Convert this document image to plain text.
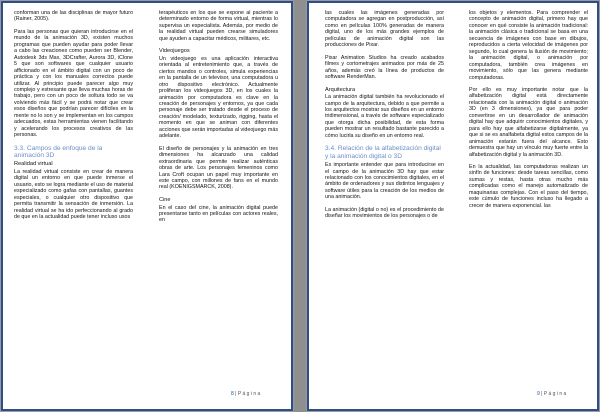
conforman una de las disciplinas de mayor futuro (Rainer, 2005).

Para las personas que quieran introducirse en el mundo de la animación 3D, existen muchos programas que pueden ayudar para poder llevar a cabo las creaciones como pueden ser Blender, Autodesk 3ds Max, 3DCrafter, Aurora 3D, iClone 5 que son softwares que cualquier usuario afficionado en el ámbito digital con un poco de práctica y con los manuales correctos puede utilizar. Al principio puede parecer algo muy complejo y estresante que lleva muchas horas de trabajo, pero con un poco de soltura todo se va volviendo más fácil y se podrá notar que crear esos diseños que podrían parecer difíciles en la mente no lo son y se implementan en los campos adecuados, estas herramientas vienen facilitando y acelerando los procesos creativos de las personas.

3.3. Campos de enfoque de la animación 3D
Realidad virtual

La realidad virtual consiste en crear de manera digital un entorno en que puede inmerse el usuario, esto se logra mediante el uso de material especializado como gafas con pantallas, guantes especiales, o cualquier otro dispositivo que permita transmitir la sensación de inmersión. La realidad virtual se ha ido perfeccionando al grado de que en la actualidad puede tener incluso usos

terapéuticos en los que se expone al paciente a determinado entorno de forma virtual, mientras lo supervisa un especialista. Además, por medio de la realidad virtual pueden crearse simuladores que ayuden a capacitar médicos, militares, etc.

Videojuegos

Un videojuego es una aplicación interactiva orientada al entretenimiento que, a través de ciertos mandos o controles, simula experiencias en la pantalla de un televisor, una computadora u otro dispositivo electrónico. Actualmente proliferan los videojuegos 3D, en los cuales la animación por computadora es clave en la creación de personajes y entornos, ya que cada personaje debe ser tratado desde el proceso de creación/ modelado, texturizado, rigging, hasta el momento en que se animan con diferentes acciones que serán importadas al videojuego más adelante.

El diseño de personajes y la animación en tres dimensiones ha alcanzado una calidad extraordinaria que permite realizar auténticas obras de arte. Los personajes femeninos como Lara Croft ocupan un papel muy importante en este campo, con millones de fans en el mundo real (KOENIGSMARCK, 2008).

Cine

En el caso del cine, la animación digital puede presentarse tanto en películas con actores reales, en

8 | P á g i n a

las cuales las imágenes generadas por computadora se agregan en postproducción, así como en películas 100% generadas de manera digital, uno de los más grandes ejemplos de películas de animación digital son las producciones de Pixar.

Pixar Animation Studios ha creado acabados filmes y cortometrajes animados por más de 25 años, además creó la línea de productos de software RenderMan.

Arquitectura

La animación digital también ha revolucionado el campo de la arquitectura, debido a que permite a los arquitectos mostrar sus diseños en un entorno tridimensional, a través de software especializado que otorga dicha posibilidad, de esta forma pueden mostrar un resultado bastante parecido a cómo lucirla su diseño en un entorno real.

3.4. Relación de la alfabetización digital y la animación digital o 3D

Es importante entender que para introducirse en el campo de la animación 3D hay que estar relacionado con los conocimientos digitales, en el ámbito de ordenadores y sus distintos lenguajes y software útiles para la creación de los medios de una animación.

La animación (digital o no) es el procedimiento de diseñar los movimientos de los personajes o de

los objetos y elementos. Para comprender el concepto de animación digital, primero hay que conocer en qué consiste la animación tradicional: la animación clásica o tradicional se basa en una secuencia de imágenes con base en dibujos, reproducidos a cierta velocidad de imágenes por segundo, lo cual genera la ilusión de movimiento; la animación digital, o animación por computadora, también crea imágenes en movimiento, sólo que las genera mediante computadoras.

Por ello es muy importante notar que la alfabetización digital está directamente relacionada con la animación digital o animación 3D (en 3 dimensiones), ya que para poder convertirse en un desarrollador de animación digital hay que adquirir conocimientos digitales, y para ello hay que alfabetizarse digitalmente, ya que si se es analfabeta digital estos campos de la animación estarán fuera del alcance. Esto demuestra que hay un vínculo muy fuerte entre la alfabetización digital y la animación 3D.

En la actualidad, las computadoras realizan un sinfín de funciones: desde tareas sencillas, como sumas y restas, hasta otras mucho más complicadas como el manejo automatizado de maquinarias complejas. Con el paso del tiempo, este cúmulo de funciones incluso ha llegado a crecer de manera exponencial. las

9 | P á g i n a
